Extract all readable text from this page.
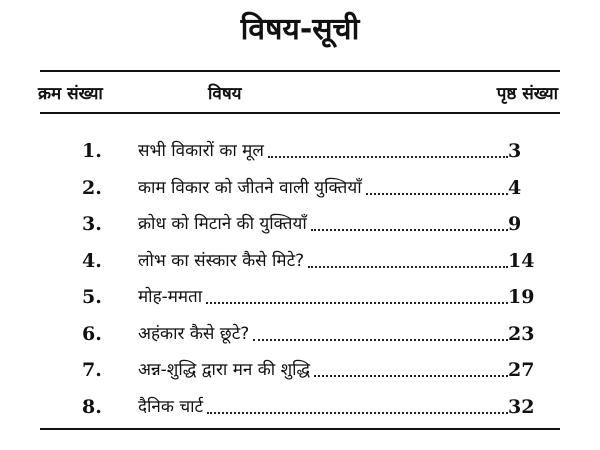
विषय-सूची
क्रम संख्या	विषय	पृष्ठ संख्या
1.	सभी विकारों का मूल	3
2.	काम विकार को जीतने वाली युक्तियाँ	4
3.	क्रोध को मिटाने की युक्तियाँ	9
4.	लोभ का संस्कार कैसे मिटे?	14
5.	मोह-ममता	19
6.	अहंकार कैसे छूटे?	23
7.	अन्न-शुद्धि द्वारा मन की शुद्धि	27
8.	दैनिक चार्ट	32
